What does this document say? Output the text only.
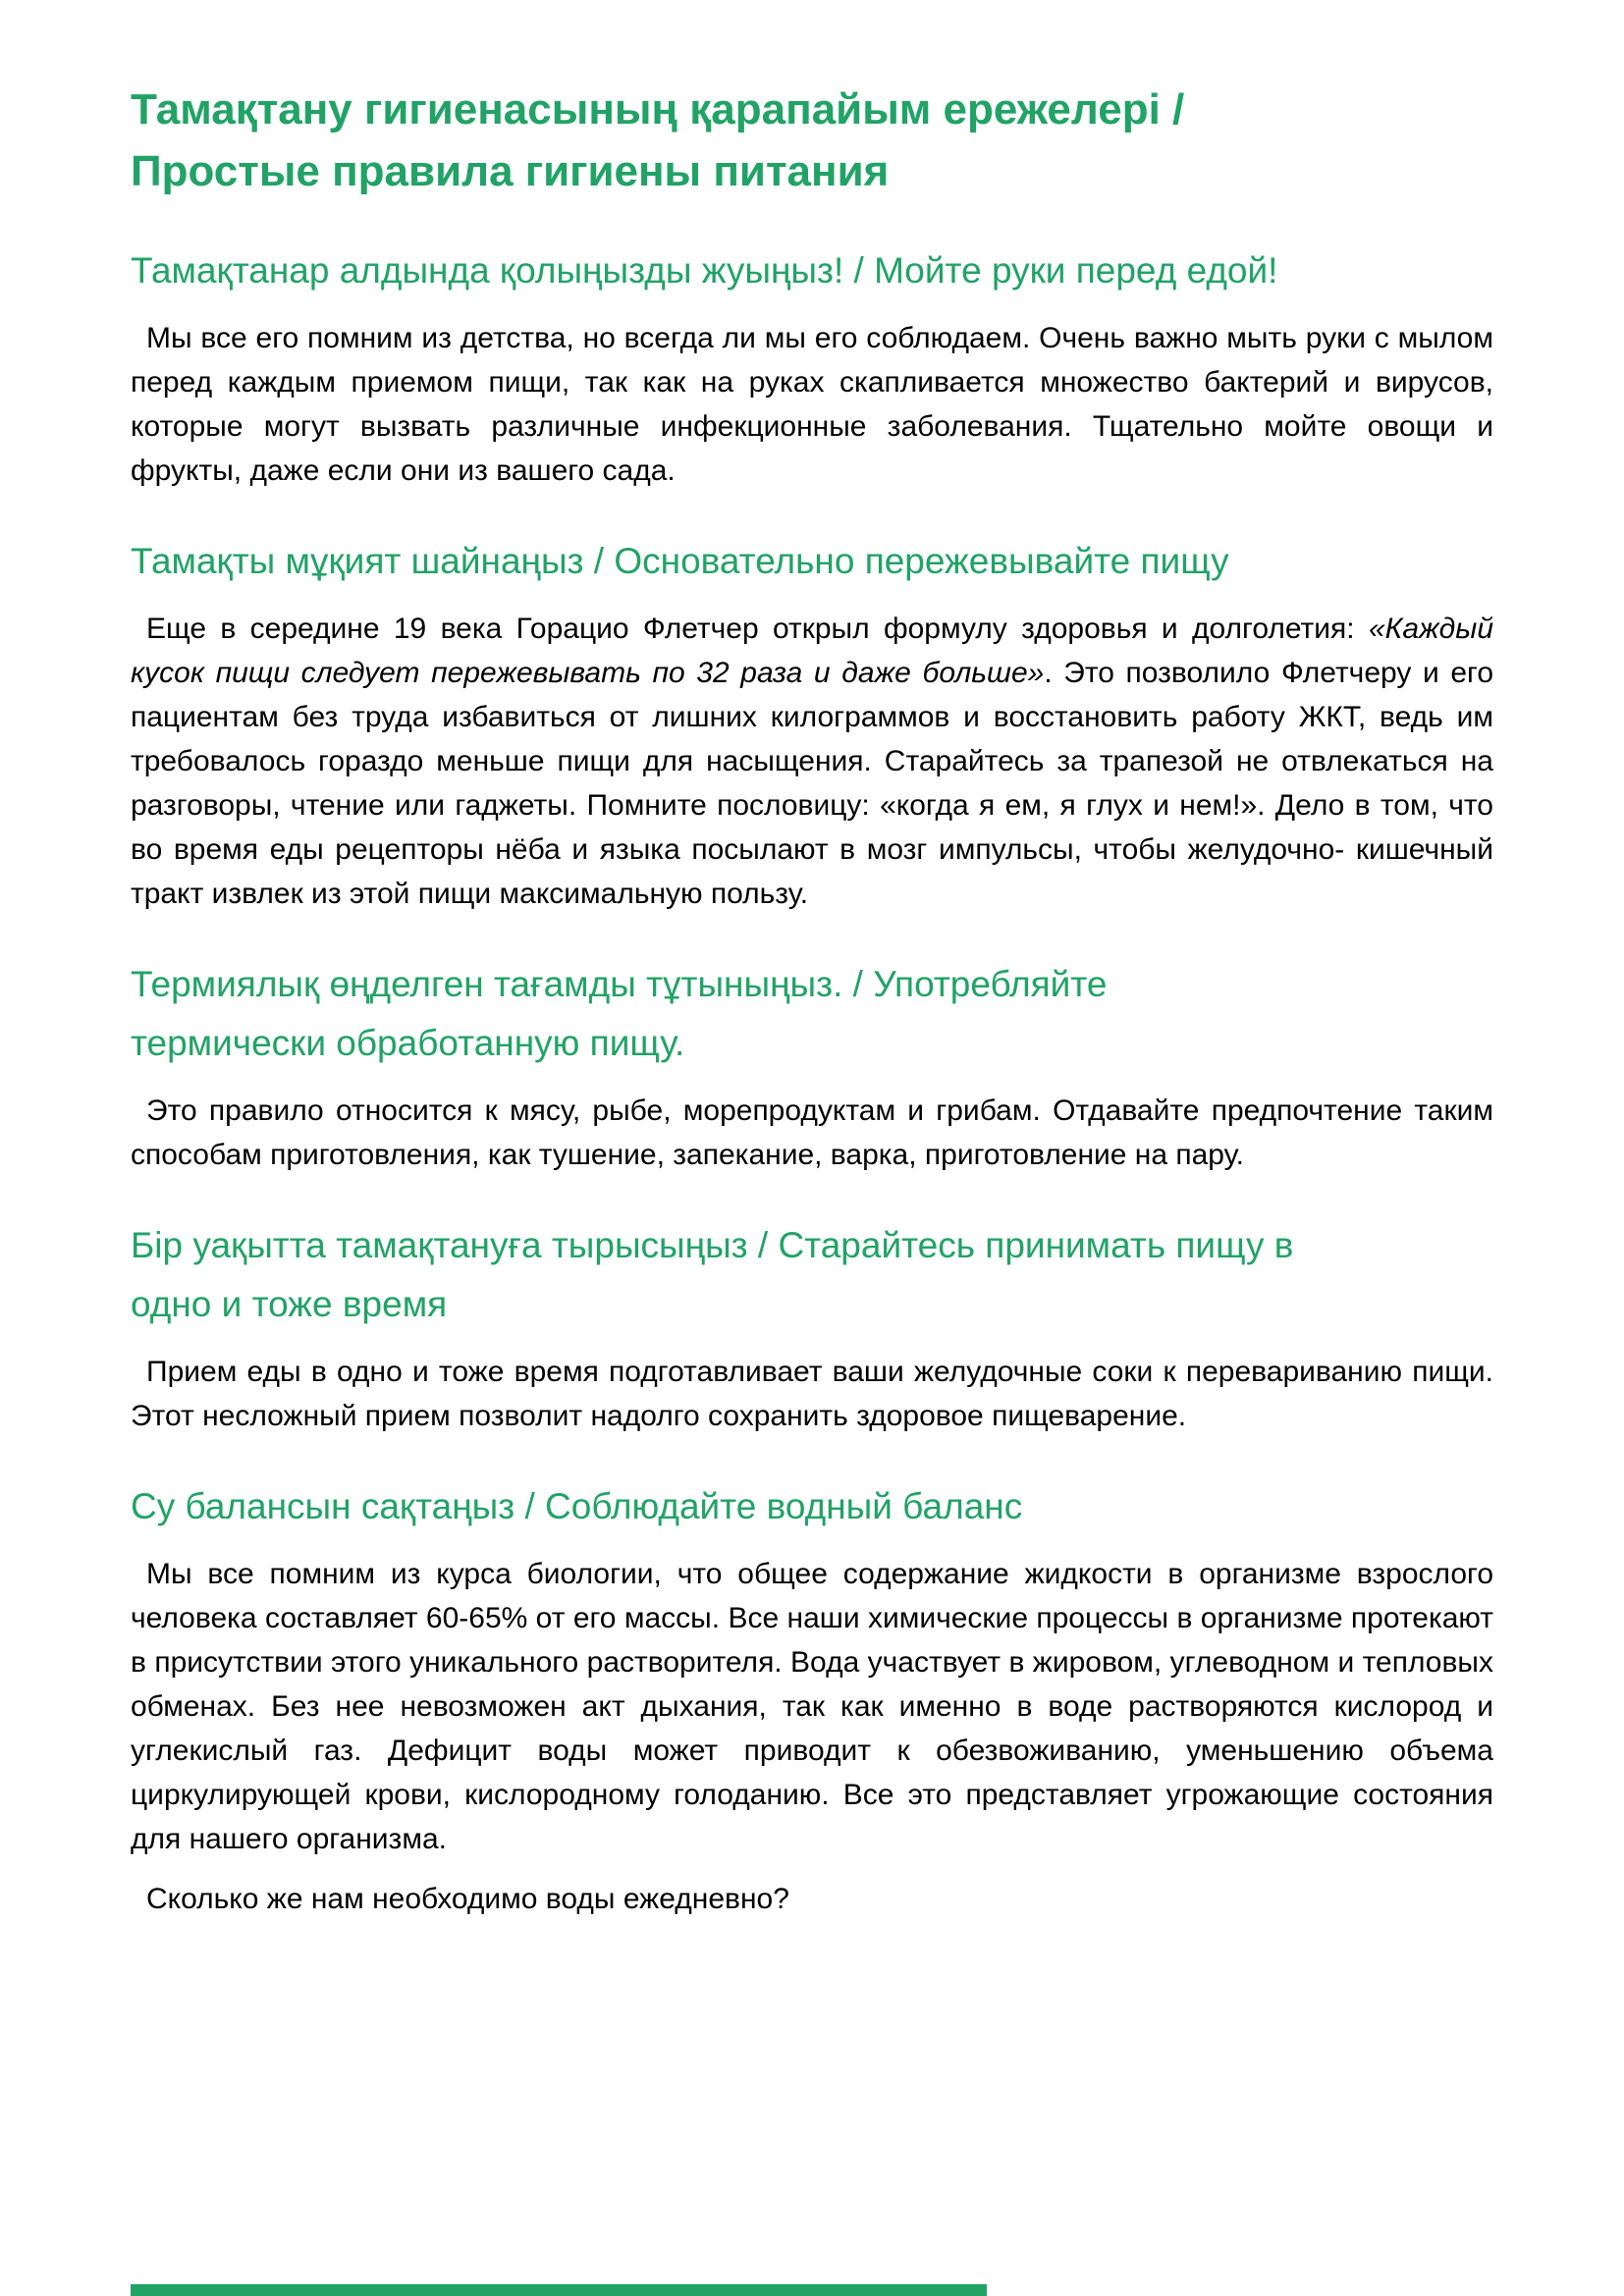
Тамақтану гигиенасының қарапайым ережелері /
Простые правила гигиены питания
Тамақтанар алдында қолыңызды жуыңыз! / Мойте руки перед едой!

Мы все его помним из детства, но всегда ли мы его соблюдаем. Очень важно мыть руки с мылом перед каждым приемом пищи, так как на руках скапливается множество бактерий и вирусов, которые могут вызвать различные инфекционные заболевания. Тщательно мойте овощи и фрукты, даже если они из вашего сада.

Тамақты мұқият шайнаңыз / Основательно пережевывайте пищу

Еще в середине 19 века Горацио Флетчер открыл формулу здоровья и долголетия: «Каждый кусок пищи следует пережевывать по 32 раза и даже больше». Это позволило Флетчеру и его пациентам без труда избавиться от лишних килограммов и восстановить работу ЖКТ, ведь им требовалось гораздо меньше пищи для насыщения. Старайтесь за трапезой не отвлекаться на разговоры, чтение или гаджеты. Помните пословицу: «когда я ем, я глух и нем!». Дело в том, что во время еды рецепторы нёба и языка посылают в мозг импульсы, чтобы желудочно- кишечный тракт извлек из этой пищи максимальную пользу.

Термиялық өңделген тағамды тұтыныңыз. / Употребляйте
термически обработанную пищу.

Это правило относится к мясу, рыбе, морепродуктам и грибам. Отдавайте предпочтение таким способам приготовления, как тушение, запекание, варка, приготовление на пару.

Бір уақытта тамақтануға тырысыңыз / Старайтесь принимать пищу в
одно и тоже время

Прием еды в одно и тоже время подготавливает ваши желудочные соки к перевариванию пищи. Этот несложный прием позволит надолго сохранить здоровое пищеварение.

Су балансын сақтаңыз / Соблюдайте водный баланс

Мы все помним из курса биологии, что общее содержание жидкости в организме взрослого человека составляет 60-65% от его массы. Все наши химические процессы в организме протекают в присутствии этого уникального растворителя. Вода участвует в жировом, углеводном и тепловых обменах. Без нее невозможен акт дыхания, так как именно в воде растворяются кислород и углекислый газ. Дефицит воды может приводит к обезвоживанию, уменьшению объема циркулирующей крови, кислородному голоданию. Все это представляет угрожающие состояния для нашего организма.

Сколько же нам необходимо воды ежедневно?
